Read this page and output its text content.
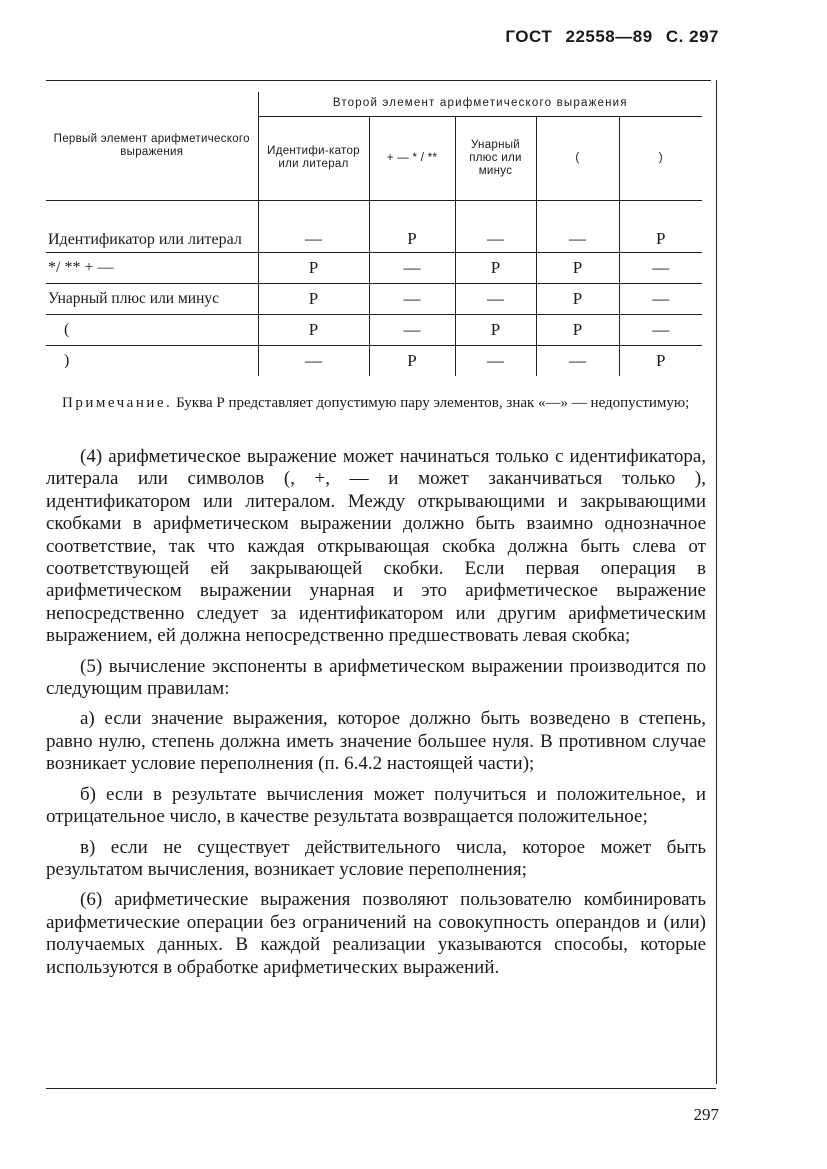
ГОСТ 22558—89 С. 297
Первый элемент арифметического выражения	Второй элемент арифметического выражения				
	Идентифи-катор или литерал	+ — * / **	Унарный плюс или минус	(	)
Идентификатор или литерал	—	Р	—	—	Р
*/ ** + —	Р	—	Р	Р	—
Унарный плюс или минус	Р	—	—	Р	—
(	Р	—	Р	Р	—
)	—	Р	—	—	Р
Примечание. Буква Р представляет допустимую пару элементов, знак «—» — недопустимую;

(4) арифметическое выражение может начинаться только с идентификатора, литерала или символов (, +, — и может заканчиваться только ), идентификатором или литералом. Между открывающими и закрывающими скобками в арифметическом выражении должно быть взаимно однозначное соответствие, так что каждая открывающая скобка должна быть слева от соответствующей ей закрывающей скобки. Если первая операция в арифметическом выражении унарная и это арифметическое выражение непосредственно следует за идентификатором или другим арифметическим выражением, ей должна непосредственно предшествовать левая скобка;

(5) вычисление экспоненты в арифметическом выражении производится по следующим правилам:

а) если значение выражения, которое должно быть возведено в степень, равно нулю, степень должна иметь значение большее нуля. В противном случае возникает условие переполнения (п. 6.4.2 настоящей части);

б) если в результате вычисления может получиться и положительное, и отрицательное число, в качестве результата возвращается положительное;

в) если не существует действительного числа, которое может быть результатом вычисления, возникает условие переполнения;

(6) арифметические выражения позволяют пользователю комбинировать арифметические операции без ограничений на совокупность операндов и (или) получаемых данных. В каждой реализации указываются способы, которые используются в обработке арифметических выражений.

297
